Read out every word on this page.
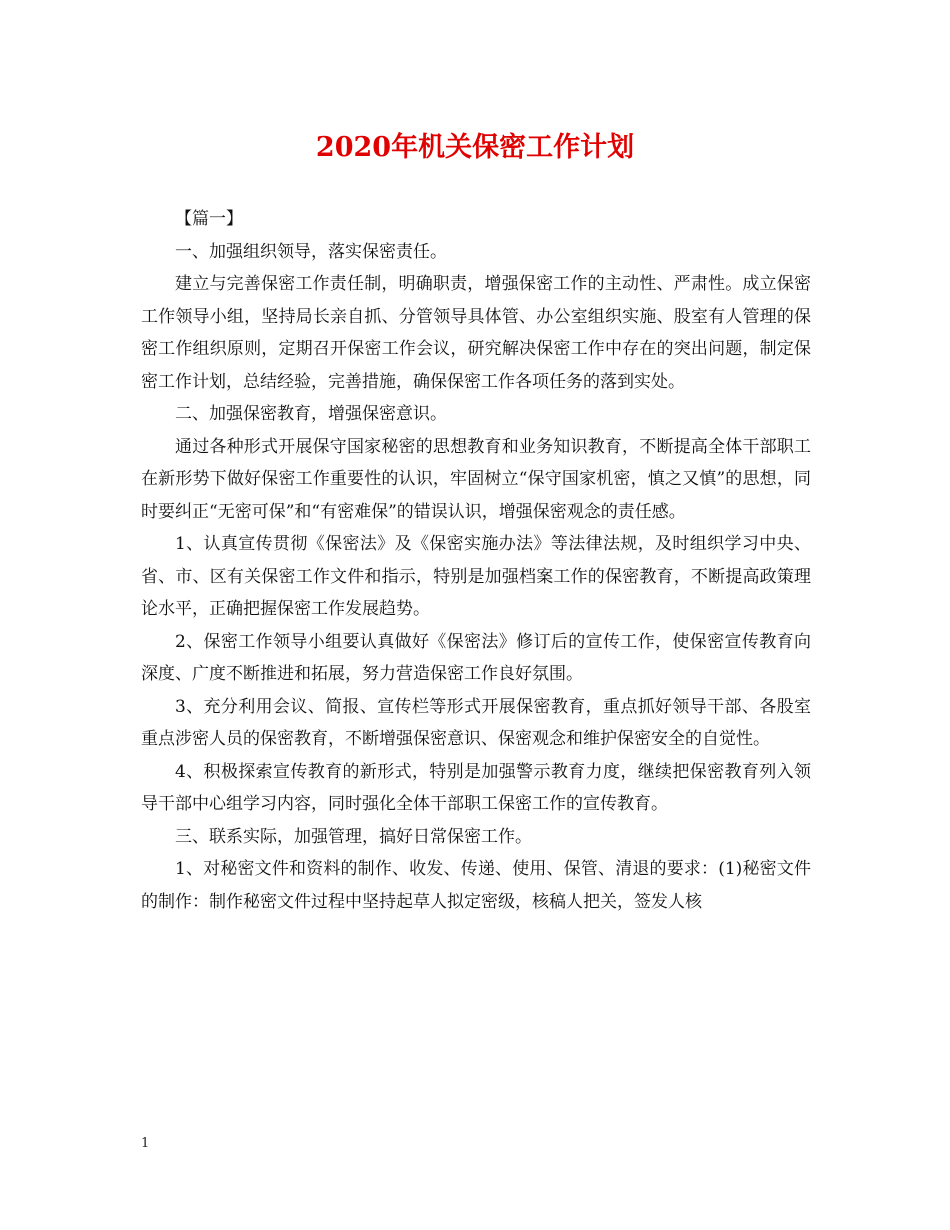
2020年机关保密工作计划

【篇一】

一、加强组织领导，落实保密责任。

建立与完善保密工作责任制，明确职责，增强保密工作的主动性、严肃性。成立保密工作领导小组，坚持局长亲自抓、分管领导具体管、办公室组织实施、股室有人管理的保密工作组织原则，定期召开保密工作会议，研究解决保密工作中存在的突出问题，制定保密工作计划，总结经验，完善措施，确保保密工作各项任务的落到实处。

二、加强保密教育，增强保密意识。

通过各种形式开展保守国家秘密的思想教育和业务知识教育，不断提高全体干部职工在新形势下做好保密工作重要性的认识，牢固树立“保守国家机密，慎之又慎”的思想，同时要纠正“无密可保”和“有密难保”的错误认识，增强保密观念的责任感。

1、认真宣传贯彻《保密法》及《保密实施办法》等法律法规，及时组织学习中央、省、市、区有关保密工作文件和指示，特别是加强档案工作的保密教育，不断提高政策理论水平，正确把握保密工作发展趋势。

2、保密工作领导小组要认真做好《保密法》修订后的宣传工作，使保密宣传教育向深度、广度不断推进和拓展，努力营造保密工作良好氛围。

3、充分利用会议、简报、宣传栏等形式开展保密教育，重点抓好领导干部、各股室重点涉密人员的保密教育，不断增强保密意识、保密观念和维护保密安全的自觉性。

4、积极探索宣传教育的新形式，特别是加强警示教育力度，继续把保密教育列入领导干部中心组学习内容，同时强化全体干部职工保密工作的宣传教育。

三、联系实际，加强管理，搞好日常保密工作。

1、对秘密文件和资料的制作、收发、传递、使用、保管、清退的要求：(1)秘密文件的制作：制作秘密文件过程中坚持起草人拟定密级，核稿人把关，签发人核

1
